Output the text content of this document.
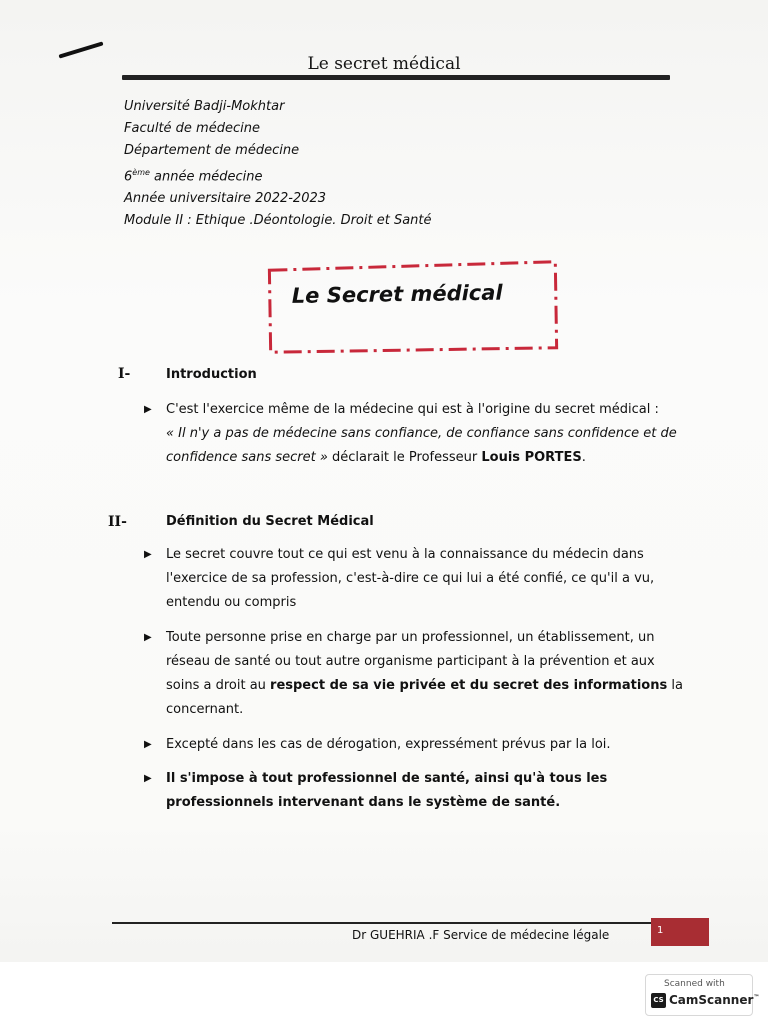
Le secret médical
Université Badji-Mokhtar
Faculté de médecine
Département de médecine
6ème année médecine
Année universitaire 2022-2023
Module II : Ethique .Déontologie. Droit et Santé
Le Secret médical
I-	Introduction
▶ C'est l'exercice même de la médecine qui est à l'origine du secret médical :
« Il n'y a pas de médecine sans confiance, de confiance sans confidence et de confidence sans secret » déclarait le Professeur Louis PORTES.
II-	Définition du Secret Médical
▶ Le secret couvre tout ce qui est venu à la connaissance du médecin dans l'exercice de sa profession, c'est-à-dire ce qui lui a été confié, ce qu'il a vu, entendu ou compris
▶ Toute personne prise en charge par un professionnel, un établissement, un réseau de santé ou tout autre organisme participant à la prévention et aux soins a droit au respect de sa vie privée et du secret des informations la concernant.
▶ Excepté dans les cas de dérogation, expressément prévus par la loi.
▶ Il s'impose à tout professionnel de santé, ainsi qu'à tous les professionnels intervenant dans le système de santé.
Dr GUEHRIA .F Service de médecine légale	1
Scanned with
CS CamScanner™
